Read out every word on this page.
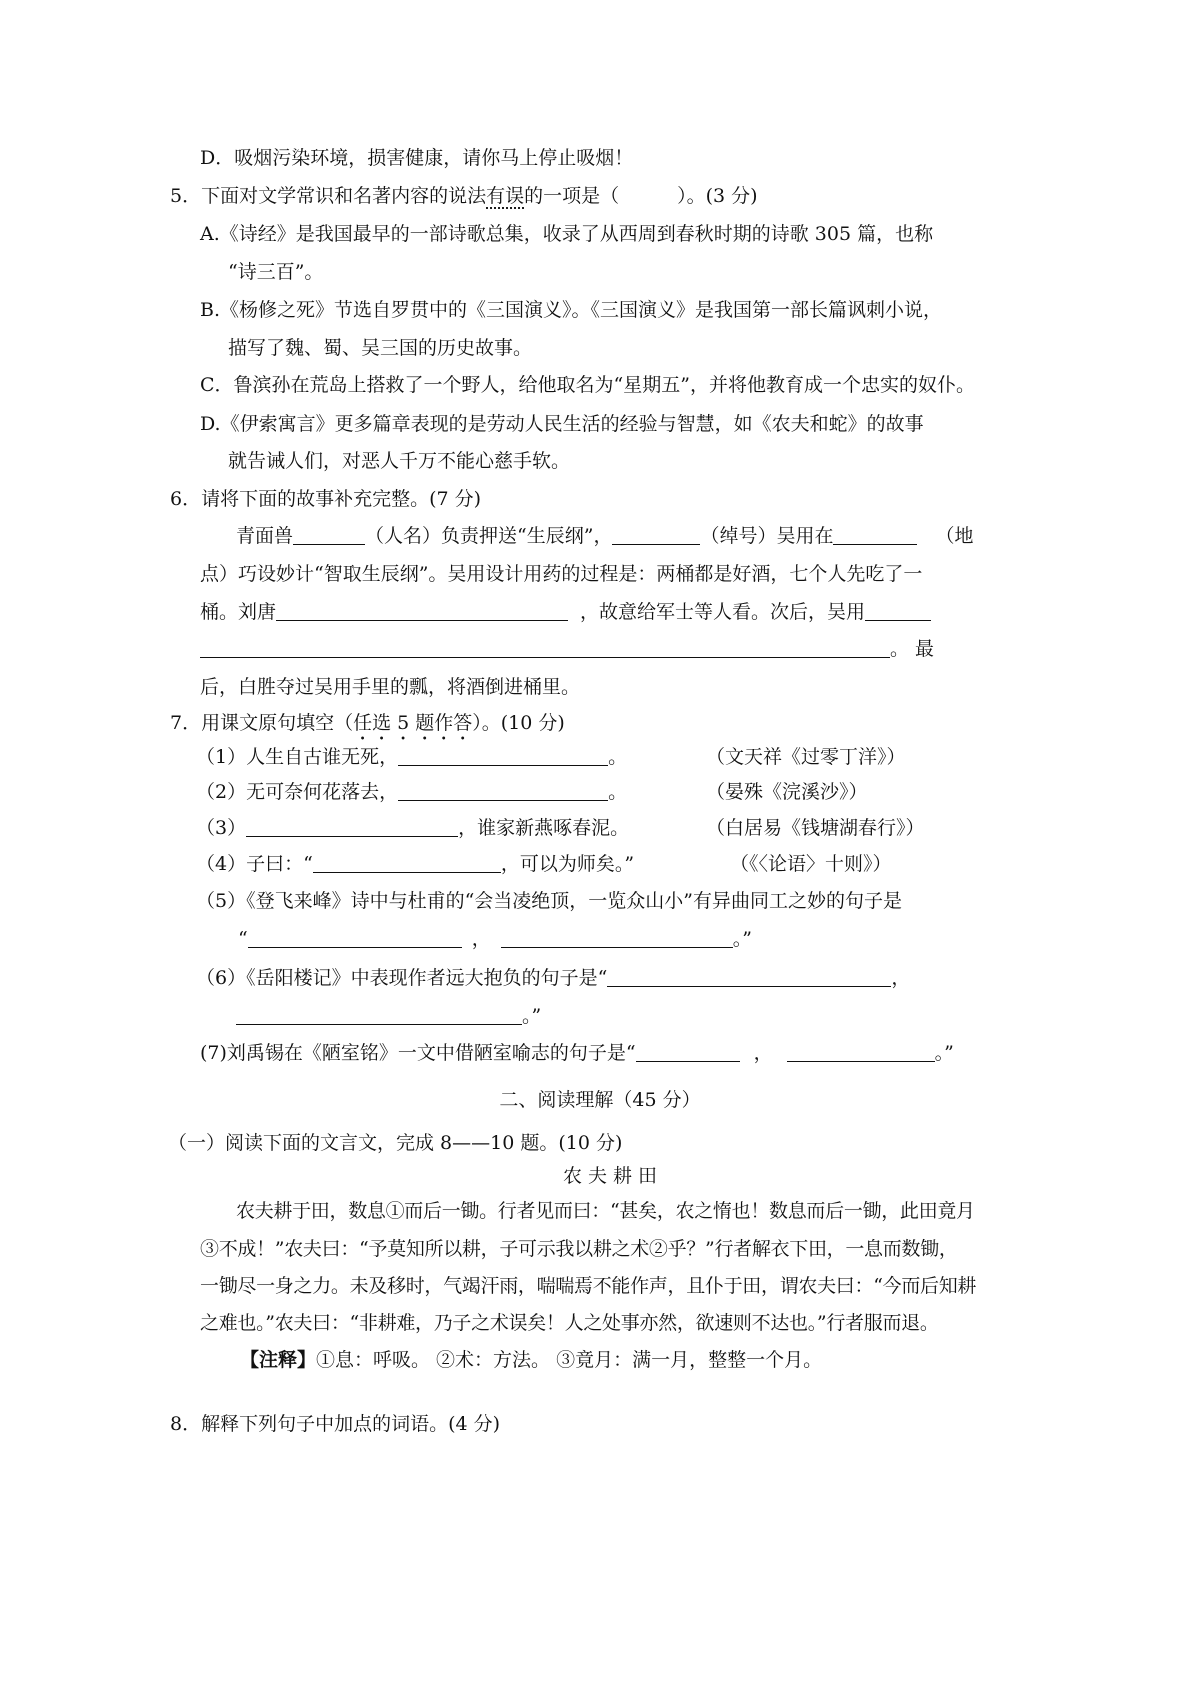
D．吸烟污染环境，损害健康，请你马上停止吸烟！
5．下面对文学常识和名著内容的说法有误的一项是（	）。(3 分)
A.《诗经》是我国最早的一部诗歌总集，收录了从西周到春秋时期的诗歌 305 篇，也称
“诗三百”。
B.《杨修之死》节选自罗贯中的《三国演义》。《三国演义》是我国第一部长篇讽刺小说，
描写了魏、蜀、吴三国的历史故事。
C．鲁滨孙在荒岛上搭救了一个野人，给他取名为“星期五”，并将他教育成一个忠实的奴仆。
D.《伊索寓言》更多篇章表现的是劳动人民生活的经验与智慧，如《农夫和蛇》的故事
就告诫人们，对恶人千万不能心慈手软。
6．请将下面的故事补充完整。(7 分)
青面兽	（人名）负责押送“生辰纲”，	（绰号）吴用在	（地
点）巧设妙计“智取生辰纲”。吴用设计用药的过程是：两桶都是好酒，七个人先吃了一
桶。刘唐	，故意给军士等人看。次后，吴用
。 最
后，白胜夺过吴用手里的瓢，将酒倒进桶里。
7．用课文原句填空（任选 5 题作答）。(10 分)
（1）人生自古谁无死，	。	（文天祥《过零丁洋》）
（2）无可奈何花落去，	。	（晏殊《浣溪沙》）
（3）	，谁家新燕啄春泥。	（白居易《钱塘湖春行》）
（4）子曰：“	，可以为师矣。”	（《〈论语〉十则》）
（5）《登飞来峰》诗中与杜甫的“会当凌绝顶，一览众山小”有异曲同工之妙的句子是
“	，	。”
（6）《岳阳楼记》中表现作者远大抱负的句子是“	，
。”
(7)刘禹锡在《陋室铭》一文中借陋室喻志的句子是“	，	。”
二、阅读理解（45 分）
（一）阅读下面的文言文，完成 8——10 题。(10 分)
农 夫 耕 田
农夫耕于田，数息①而后一锄。行者见而曰：“甚矣，农之惰也！数息而后一锄，此田竟月
③不成！”农夫曰：“予莫知所以耕，子可示我以耕之术②乎？”行者解衣下田，一息而数锄，
一锄尽一身之力。未及移时，气竭汗雨，喘喘焉不能作声，且仆于田，谓农夫曰：“今而后知耕
之难也。”农夫曰：“非耕难，乃子之术误矣！人之处事亦然，欲速则不达也。”行者服而退。
【注释】①息：呼吸。 ②术：方法。 ③竟月：满一月，整整一个月。
8．解释下列句子中加点的词语。(4 分)
